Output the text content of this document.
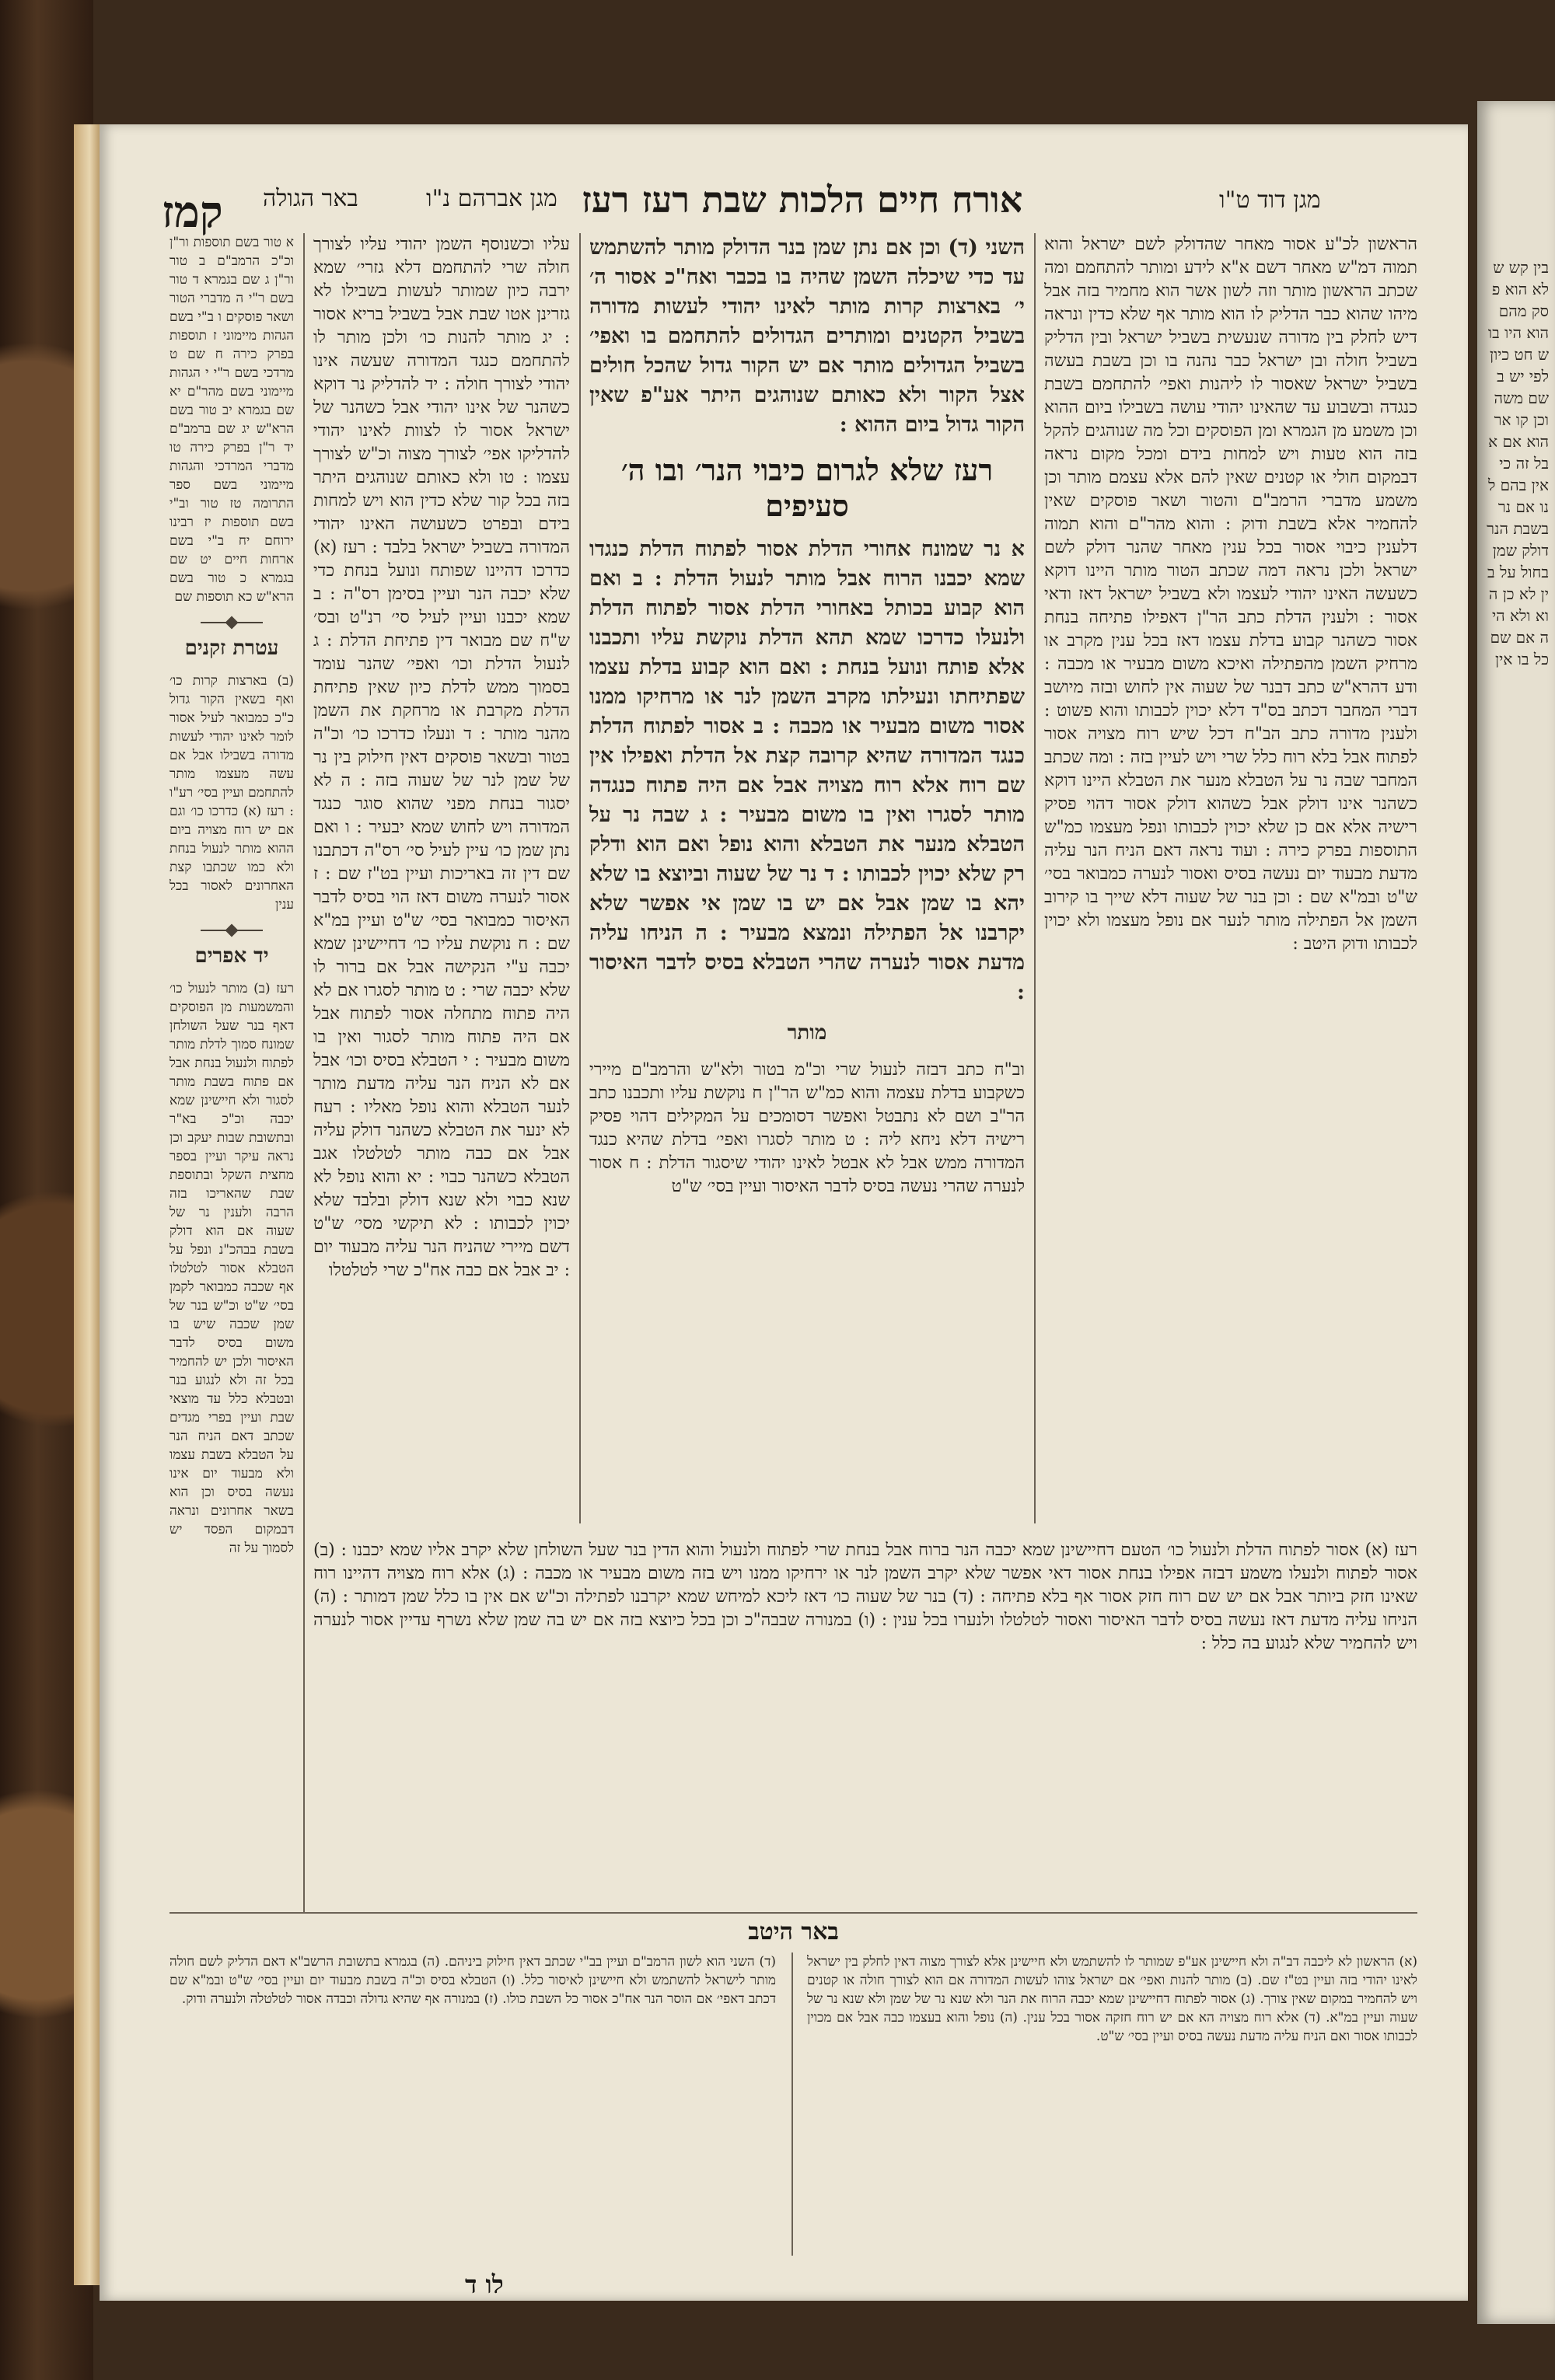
קמז באר הגולה	מגן אברהם נ"ו אורח חיים הלכות שבת רעז רעז	מגן דוד ט"ו

א טור בשם תוספות ור"ן וכ"כ הרמב"ם ב טור ור"ן ג שם בגמרא ד טור בשם ר"י ה מדברי הטור ושאר פוסקים ו ב"י בשם הגהות מיימוני ז תוספות בפרק כירה ח שם ט מרדכי בשם ר"י י הגהות מיימוני בשם מהר"ם יא שם בגמרא יב טור בשם הרא"ש יג שם ברמב"ם יד ר"ן בפרק כירה טו מדברי המרדכי והגהות מיימוני בשם ספר התרומה טז טור וב"י בשם תוספות יז רבינו ירוחם יח ב"י בשם ארחות חיים יט שם בגמרא כ טור בשם הרא"ש כא תוספות שם

עטרת זקנים

(ב) בארצות קרות כו׳ ואף בשאין הקור גדול כ"כ כמבואר לעיל אסור לומר לאינו יהודי לעשות מדורה בשבילו אבל אם עשה מעצמו מותר להתחמם ועיין בסי׳ רע"ו : רעז (א) כדרכו כו׳ וגם אם יש רוח מצויה ביום ההוא מותר לנעול בנחת ולא כמו שכתבו קצת האחרונים לאסור בכל ענין

יד אפרים

רעז (ב) מותר לנעול כו׳ והמשמעות מן הפוסקים דאף בנר שעל השולחן שמונח סמוך לדלת מותר לפתוח ולנעול בנחת אבל אם פתוח בשבת מותר לסגור ולא חיישינן שמא יכבה וכ"כ בא"ר ובתשובת שבות יעקב וכן נראה עיקר ועיין בספר מחצית השקל ובתוספת שבת שהאריכו בזה הרבה ולענין נר של שעוה אם הוא דולק בשבת בבהכ"נ ונפל על הטבלא אסור לטלטלו אף שכבה כמבואר לקמן בסי׳ ש"ט וכ"ש בנר של שמן שכבה שיש בו משום בסיס לדבר האיסור ולכן יש להחמיר בכל זה ולא לנגוע בנר ובטבלא כלל עד מוצאי שבת ועיין בפרי מגדים שכתב דאם הניח הנר על הטבלא בשבת עצמו ולא מבעוד יום אינו נעשה בסיס וכן הוא בשאר אחרונים ונראה דבמקום הפסד יש לסמוך על זה

עליו וכשנוסף השמן יהודי עליו לצורך חולה שרי להתחמם דלא גזרי׳ שמא ירבה כיון שמותר לעשות בשבילו לא גזרינן אטו שבת אבל בשביל בריא אסור : יג מותר להנות כו׳ ולכן מותר לו להתחמם כנגד המדורה שעשה אינו יהודי לצורך חולה : יד להדליק נר דוקא כשהנר של אינו יהודי אבל כשהנר של ישראל אסור לו לצוות לאינו יהודי להדליקו אפי׳ לצורך מצוה וכ"ש לצורך עצמו : טו ולא כאותם שנוהגים היתר בזה בכל קור שלא כדין הוא ויש למחות בידם ובפרט כשעושה האינו יהודי המדורה בשביל ישראל בלבד : רעז (א) כדרכו דהיינו שפותח ונועל בנחת כדי שלא יכבה הנר ועיין בסימן רס"ה : ב שמא יכבנו ועיין לעיל סי׳ רנ"ט ובס׳ ש"ח שם מבואר דין פתיחת הדלת : ג לנעול הדלת וכו׳ ואפי׳ שהנר עומד בסמוך ממש לדלת כיון שאין פתיחת הדלת מקרבת או מרחקת את השמן מהנר מותר : ד ונעלו כדרכו כו׳ וכ"ה בטור ובשאר פוסקים דאין חילוק בין נר של שמן לנר של שעוה בזה : ה לא יסגור בנחת מפני שהוא סוגר כנגד המדורה ויש לחוש שמא יבעיר : ו ואם נתן שמן כו׳ עיין לעיל סי׳ רס"ה דכתבנו שם דין זה באריכות ועיין בט"ז שם : ז אסור לנערה משום דאז הוי בסיס לדבר האיסור כמבואר בסי׳ ש"ט ועיין במ"א שם : ח נוקשת עליו כו׳ דחיישינן שמא יכבה ע"י הנקישה אבל אם ברור לו שלא יכבה שרי : ט מותר לסגרו אם לא היה פתוח מתחלה אסור לפתוח אבל אם היה פתוח מותר לסגור ואין בו משום מבעיר : י הטבלא בסיס וכו׳ אבל אם לא הניח הנר עליה מדעת מותר לנער הטבלא והוא נופל מאליו : רעח לא ינער את הטבלא כשהנר דולק עליה אבל אם כבה מותר לטלטלו אגב הטבלא כשהנר כבוי : יא והוא נופל לא שנא כבוי ולא שנא דולק ובלבד שלא יכוין לכבותו : לא תיקשי מסי׳ ש"ט דשם מיירי שהניח הנר עליה מבעוד יום : יב אבל אם כבה אח"כ שרי לטלטלו

השני (ד) וכן אם נתן שמן בנר הדולק מותר להשתמש עד כדי שיכלה השמן שהיה בו בכבר ואח"כ אסור ה׳ י׳ בארצות קרות מותר לאינו יהודי לעשות מדורה בשביל הקטנים ומותרים הגדולים להתחמם בו ואפי׳ בשביל הגדולים מותר אם יש הקור גדול שהכל חולים אצל הקור ולא כאותם שנוהגים היתר אע"פ שאין הקור גדול ביום ההוא :

רעז שלא לגרום כיבוי הנר׳ ובו ה׳ סעיפים

א נר שמונח אחורי הדלת אסור לפתוח הדלת כנגדו שמא יכבנו הרוח אבל מותר לנעול הדלת : ב ואם הוא קבוע בכותל באחורי הדלת אסור לפתוח הדלת ולנעלו כדרכו שמא תהא הדלת נוקשת עליו ותכבנו אלא פותח ונועל בנחת : ואם הוא קבוע בדלת עצמו שפתיחתו ונעילתו מקרב השמן לנר או מרחיקו ממנו אסור משום מבעיר או מכבה : ב אסור לפתוח הדלת כנגד המדורה שהיא קרובה קצת אל הדלת ואפילו אין שם רוח אלא רוח מצויה אבל אם היה פתוח כנגדה מותר לסגרו ואין בו משום מבעיר : ג שבה נר על הטבלא מנער את הטבלא והוא נופל ואם הוא ודלק רק שלא יכוין לכבותו : ד נר של שעוה וביוצא בו שלא יהא בו שמן אבל אם יש בו שמן אי אפשר שלא יקרבנו אל הפתילה ונמצא מבעיר : ה הניחו עליה מדעת אסור לנערה שהרי הטבלא בסיס לדבר האיסור :

מותר

וב"ח כתב דבזה לנעול שרי וכ"מ בטור ולא"ש והרמב"ם מיירי כשקבוע בדלת עצמה והוא כמ"ש הר"ן ח נוקשת עליו ותכבנו כתב הר"ב ושם לא נתבטל ואפשר דסומכים על המקילים דהוי פסיק רישיה דלא ניחא ליה : ט מותר לסגרו ואפי׳ בדלת שהיא כנגד המדורה ממש אבל לא אבטל לאינו יהודי שיסגור הדלת : ח אסור לנערה שהרי נעשה בסיס לדבר האיסור ועיין בסי׳ ש"ט

הראשון לכ"ע אסור מאחר שהדולק לשם ישראל והוא תמוה דמ"ש מאחר דשם א"א לידע ומותר להתחמם ומה שכתב הראשון מותר וזה לשון אשר הוא מחמיר בזה אבל מיהו שהוא כבר הדליק לו הוא מותר אף שלא כדין ונראה דיש לחלק בין מדורה שנעשית בשביל ישראל ובין הדליק בשביל חולה ובן ישראל כבר נהנה בו וכן בשבת בעשה בשביל ישראל שאסור לו ליהנות ואפי׳ להתחמם בשבת כנגדה ובשבוע עד שהאינו יהודי עושה בשבילו ביום ההוא וכן משמע מן הגמרא ומן הפוסקים וכל מה שנוהגים להקל בזה הוא טעות ויש למחות בידם ומכל מקום נראה דבמקום חולי או קטנים שאין להם אלא עצמם מותר וכן משמע מדברי הרמב"ם והטור ושאר פוסקים שאין להחמיר אלא בשבת ודוק : והוא מהר"ם והוא תמוה דלענין כיבוי אסור בכל ענין מאחר שהנר דולק לשם ישראל ולכן נראה דמה שכתב הטור מותר היינו דוקא כשעשה האינו יהודי לעצמו ולא בשביל ישראל דאז ודאי אסור : ולענין הדלת כתב הר"ן דאפילו פתיחה בנחת אסור כשהנר קבוע בדלת עצמו דאז בכל ענין מקרב או מרחיק השמן מהפתילה ואיכא משום מבעיר או מכבה : ודע דהרא"ש כתב דבנר של שעוה אין לחוש ובזה מיושב דברי המחבר דכתב בס"ד דלא יכוין לכבותו והוא פשוט : ולענין מדורה כתב הב"ח דכל שיש רוח מצויה אסור לפתוח אבל בלא רוח כלל שרי ויש לעיין בזה : ומה שכתב המחבר שבה נר על הטבלא מנער את הטבלא היינו דוקא כשהנר אינו דולק אבל כשהוא דולק אסור דהוי פסיק רישיה אלא אם כן שלא יכוין לכבותו ונפל מעצמו כמ"ש התוספות בפרק כירה : ועוד נראה דאם הניח הנר עליה מדעת מבעוד יום נעשה בסיס ואסור לנערה כמבואר בסי׳ ש"ט ובמ"א שם : וכן בנר של שעוה דלא שייך בו קירוב השמן אל הפתילה מותר לנער אם נופל מעצמו ולא יכוין לכבותו ודוק היטב :

רעז (א) אסור לפתוח הדלת ולנעול כו׳ הטעם דחיישינן שמא יכבה הנר ברוח אבל בנחת שרי לפתוח ולנעול והוא הדין בנר שעל השולחן שלא יקרב אליו שמא יכבנו : (ב) אסור לפתוח ולנעלו משמע דבזה אפילו בנחת אסור דאי אפשר שלא יקרב השמן לנר או ירחיקו ממנו ויש בזה משום מבעיר או מכבה : (ג) אלא רוח מצויה דהיינו רוח שאינו חזק ביותר אבל אם יש שם רוח חזק אסור אף בלא פתיחה : (ד) בנר של שעוה כו׳ דאז ליכא למיחש שמא יקרבנו לפתילה וכ"ש אם אין בו כלל שמן דמותר : (ה) הניחו עליה מדעת דאז נעשה בסיס לדבר האיסור ואסור לטלטלו ולנערו בכל ענין : (ו) במנורה שבבה"כ וכן בכל כיוצא בזה אם יש בה שמן שלא נשרף עדיין אסור לנערה ויש להחמיר שלא לנגוע בה כלל :

באר היטב

(ד) השני הוא לשון הרמב"ם ועיין בב"י שכתב דאין חילוק ביניהם. (ה) בגמרא בתשובת הרשב"א דאם הדליק לשם חולה מותר לישראל להשתמש ולא חיישינן לאיסור כלל. (ו) הטבלא בסיס וכ"ה בשבת מבעוד יום ועיין בסי׳ ש"ט ובמ"א שם דכתב דאפי׳ אם הוסר הנר אח"כ אסור כל השבת כולו. (ז) במנורה אף שהיא גדולה וכבדה אסור לטלטלה ולנערה ודוק.

(א) הראשון לא ליכבה דב"ה ולא חיישינן אע"פ שמותר לו להשתמש ולא חיישינן אלא לצורך מצוה דאין לחלק בין ישראל לאינו יהודי בזה ועיין בט"ז שם. (ב) מותר להנות ואפי׳ אם ישראל צוהו לעשות המדורה אם הוא לצורך חולה או קטנים ויש להחמיר במקום שאין צורך. (ג) אסור לפתוח דחיישינן שמא יכבה הרוח את הנר ולא שנא נר של שמן ולא שנא נר של שעוה ועיין במ"א. (ד) אלא רוח מצויה הא אם יש רוח חזקה אסור בכל ענין. (ה) נופל והוא בעצמו כבה אבל אם מכוין לכבותו אסור ואם הניח עליה מדעת נעשה בסיס ועיין בסי׳ ש"ט.

לו ד
בין קש שלא הוא פסק מהם הוא היו בוש חט כיון לפי יש בשם משה וכן קו אר הוא אם אבל זה כי אין בהם לנו אם נר בשבת הנר דולק שמן בחול על בין לא כן הוא ולא היה אם שם כל בו אין
